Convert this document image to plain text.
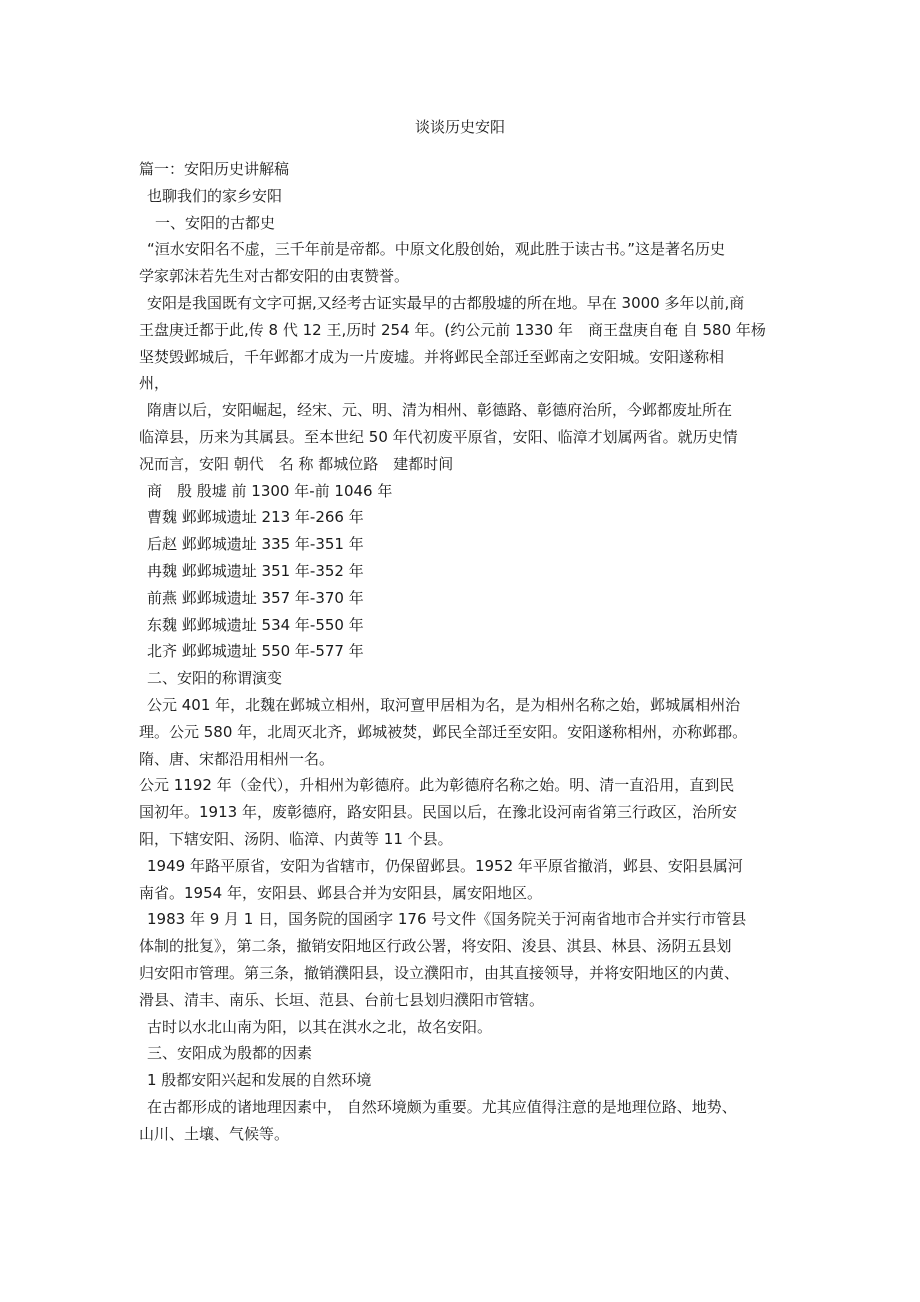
谈谈历史安阳
篇一：安阳历史讲解稿
也聊我们的家乡安阳
一、安阳的古都史
“洹水安阳名不虚，三千年前是帝都。中原文化殷创始，观此胜于读古书。”这是著名历史
学家郭沫若先生对古都安阳的由衷赞誉。
安阳是我国既有文字可据,又经考古证实最早的古都殷墟的所在地。早在 3000 多年以前,商
王盘庚迁都于此,传 8 代 12 王,历时 254 年。(约公元前 1330 年　商王盘庚自奄 自 580 年杨
坚焚毁邺城后，千年邺都才成为一片废墟。并将邺民全部迁至邺南之安阳城。安阳遂称相
州，
隋唐以后，安阳崛起，经宋、元、明、清为相州、彰德路、彰德府治所，今邺都废址所在
临漳县，历来为其属县。至本世纪 50 年代初废平原省，安阳、临漳才划属两省。就历史情
况而言，安阳 朝代　名 称 都城位路　建都时间
商　殷 殷墟 前 1300 年-前 1046 年
曹魏 邺邺城遗址 213 年-266 年
后赵 邺邺城遗址 335 年-351 年
冉魏 邺邺城遗址 351 年-352 年
前燕 邺邺城遗址 357 年-370 年
东魏 邺邺城遗址 534 年-550 年
北齐 邺邺城遗址 550 年-577 年
二、安阳的称谓演变
公元 401 年，北魏在邺城立相州，取河亶甲居相为名，是为相州名称之始，邺城属相州治
理。公元 580 年，北周灭北齐，邺城被焚，邺民全部迁至安阳。安阳遂称相州，亦称邺郡。
隋、唐、宋都沿用相州一名。
公元 1192 年（金代），升相州为彰德府。此为彰德府名称之始。明、清一直沿用，直到民
国初年。1913 年，废彰德府，路安阳县。民国以后，在豫北设河南省第三行政区，治所安
阳，下辖安阳、汤阴、临漳、内黄等 11 个县。
1949 年路平原省，安阳为省辖市，仍保留邺县。1952 年平原省撤消，邺县、安阳县属河
南省。1954 年，安阳县、邺县合并为安阳县，属安阳地区。
1983 年 9 月 1 日，国务院的国函字 176 号文件《国务院关于河南省地市合并实行市管县
体制的批复》，第二条，撤销安阳地区行政公署，将安阳、浚县、淇县、林县、汤阴五县划
归安阳市管理。第三条，撤销濮阳县，设立濮阳市，由其直接领导，并将安阳地区的内黄、
滑县、清丰、南乐、长垣、范县、台前七县划归濮阳市管辖。
古时以水北山南为阳，以其在淇水之北，故名安阳。
三、安阳成为殷都的因素
1 殷都安阳兴起和发展的自然环境
在古都形成的诸地理因素中， 自然环境颇为重要。尤其应值得注意的是地理位路、地势、
山川、土壤、气候等。
